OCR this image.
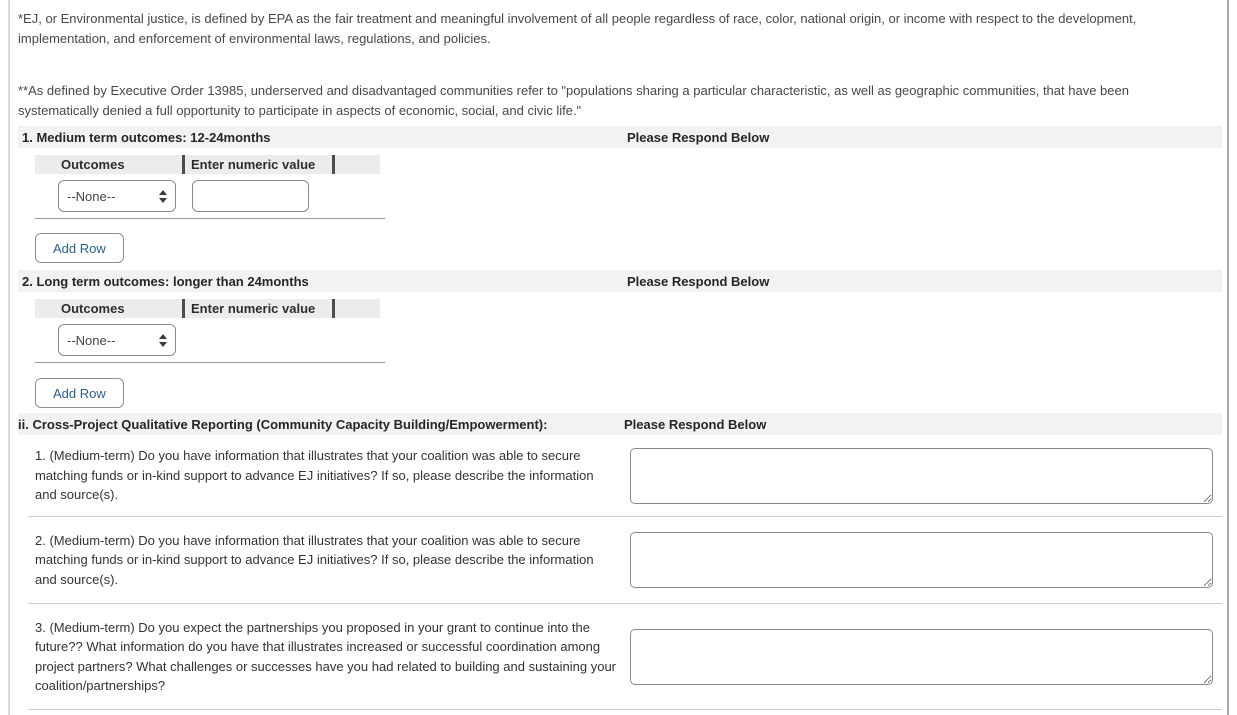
*EJ, or Environmental justice, is defined by EPA as the fair treatment and meaningful involvement of all people regardless of race, color, national origin, or income with respect to the development, implementation, and enforcement of environmental laws, regulations, and policies.

**As defined by Executive Order 13985, underserved and disadvantaged communities refer to "populations sharing a particular characteristic, as well as geographic communities, that have been systematically denied a full opportunity to participate in aspects of economic, social, and civic life."

1. Medium term outcomes: 12-24months	Please Respond Below
Outcomes	Enter numeric value
--None--
Add Row
2. Long term outcomes: longer than 24months	Please Respond Below
Outcomes	Enter numeric value
--None--
Add Row
ii. Cross-Project Qualitative Reporting (Community Capacity Building/Empowerment):	Please Respond Below
1. (Medium-term) Do you have information that illustrates that your coalition was able to secure matching funds or in-kind support to advance EJ initiatives? If so, please describe the information and source(s).
2. (Medium-term) Do you have information that illustrates that your coalition was able to secure matching funds or in-kind support to advance EJ initiatives? If so, please describe the information and source(s).
3. (Medium-term) Do you expect the partnerships you proposed in your grant to continue into the future?? What information do you have that illustrates increased or successful coordination among project partners? What challenges or successes have you had related to building and sustaining your coalition/partnerships?
